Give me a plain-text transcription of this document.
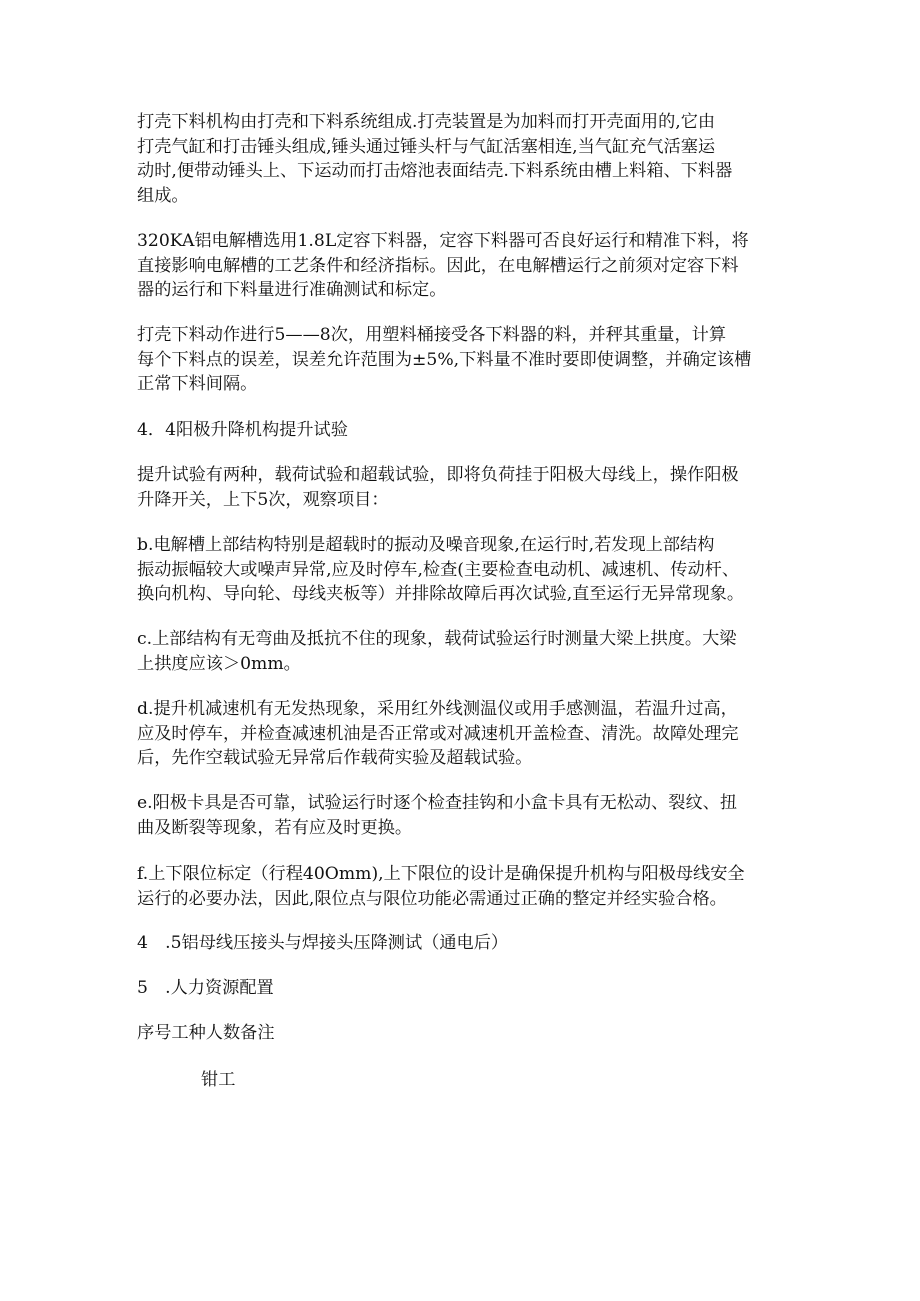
打壳下料机构由打壳和下料系统组成.打壳装置是为加料而打开壳面用的,它由
打壳气缸和打击锤头组成,锤头通过锤头杆与气缸活塞相连,当气缸充气活塞运
动时,便带动锤头上、下运动而打击熔池表面结壳.下料系统由槽上料箱、下料器
组成。

320KA铝电解槽选用1.8L定容下料器，定容下料器可否良好运行和精准下料，将
直接影响电解槽的工艺条件和经济指标。因此，在电解槽运行之前须对定容下料
器的运行和下料量进行准确测试和标定。

打壳下料动作进行5——8次，用塑料桶接受各下料器的料，并秤其重量，计算
每个下料点的误差，误差允许范围为±5%,下料量不准时要即使调整，并确定该槽
正常下料间隔。

4．4阳极升降机构提升试验

提升试验有两种，载荷试验和超载试验，即将负荷挂于阳极大母线上，操作阳极
升降开关，上下5次，观察项目：

b.电解槽上部结构特别是超载时的振动及噪音现象,在运行时,若发现上部结构
振动振幅较大或噪声异常,应及时停车,检查(主要检查电动机、减速机、传动杆、
换向机构、导向轮、母线夹板等）并排除故障后再次试验,直至运行无异常现象。

c.上部结构有无弯曲及抵抗不住的现象，载荷试验运行时测量大梁上拱度。大梁
上拱度应该＞0mm。

d.提升机减速机有无发热现象，采用红外线测温仪或用手感测温，若温升过高，
应及时停车，并检查减速机油是否正常或对减速机开盖检查、清洗。故障处理完
后，先作空载试验无异常后作载荷实验及超载试验。

e.阳极卡具是否可靠，试验运行时逐个检查挂钩和小盒卡具有无松动、裂纹、扭
曲及断裂等现象，若有应及时更换。

f.上下限位标定（行程40Omm),上下限位的设计是确保提升机构与阳极母线安全
运行的必要办法，因此,限位点与限位功能必需通过正确的整定并经实验合格。

4　.5铝母线压接头与焊接头压降测试（通电后）

5　.人力资源配置

序号工种人数备注

钳工
